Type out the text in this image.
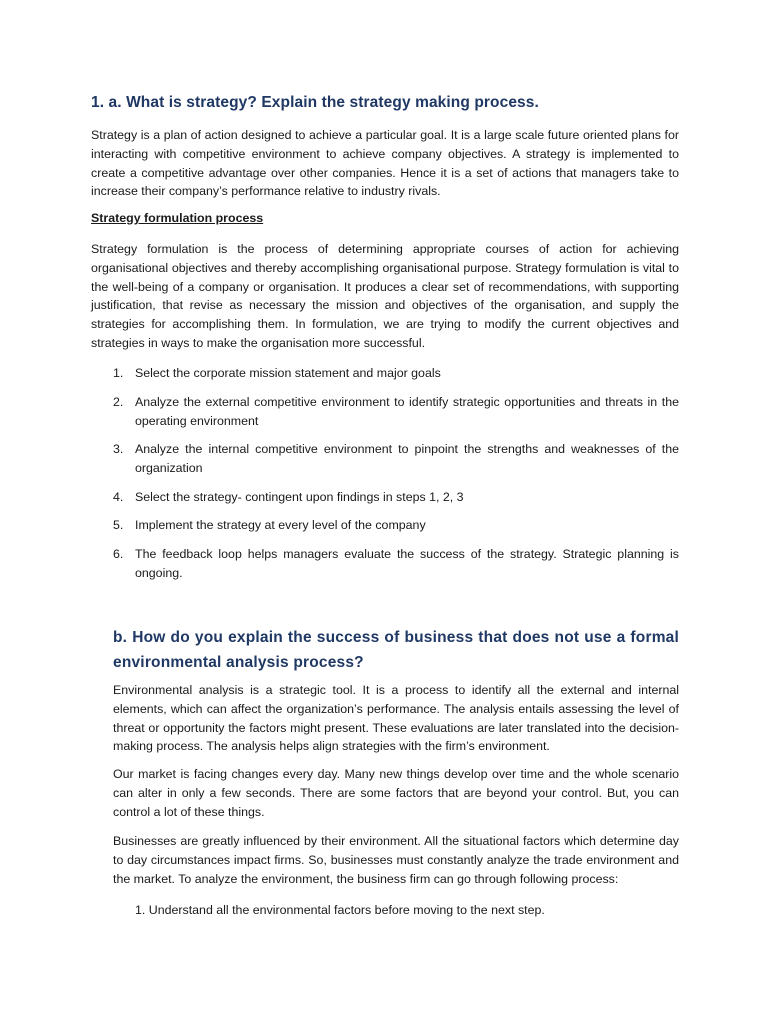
1. a. What is strategy? Explain the strategy making process.

Strategy is a plan of action designed to achieve a particular goal. It is a large scale future oriented plans for interacting with competitive environment to achieve company objectives. A strategy is implemented to create a competitive advantage over other companies. Hence it is a set of actions that managers take to increase their company’s performance relative to industry rivals.

Strategy formulation process

Strategy formulation is the process of determining appropriate courses of action for achieving organisational objectives and thereby accomplishing organisational purpose. Strategy formulation is vital to the well-being of a company or organisation. It produces a clear set of recommendations, with supporting justification, that revise as necessary the mission and objectives of the organisation, and supply the strategies for accomplishing them. In formulation, we are trying to modify the current objectives and strategies in ways to make the organisation more successful.

1. Select the corporate mission statement and major goals
2. Analyze the external competitive environment to identify strategic opportunities and threats in the operating environment
3. Analyze the internal competitive environment to pinpoint the strengths and weaknesses of the organization
4. Select the strategy- contingent upon findings in steps 1, 2, 3
5. Implement the strategy at every level of the company
6. The feedback loop helps managers evaluate the success of the strategy. Strategic planning is ongoing.
b. How do you explain the success of business that does not use a formal environmental analysis process?

Environmental analysis is a strategic tool. It is a process to identify all the external and internal elements, which can affect the organization’s performance. The analysis entails assessing the level of threat or opportunity the factors might present. These evaluations are later translated into the decision-making process. The analysis helps align strategies with the firm’s environment.

Our market is facing changes every day. Many new things develop over time and the whole scenario can alter in only a few seconds. There are some factors that are beyond your control. But, you can control a lot of these things.

Businesses are greatly influenced by their environment. All the situational factors which determine day to day circumstances impact firms. So, businesses must constantly analyze the trade environment and the market. To analyze the environment, the business firm can go through following process:

1. Understand all the environmental factors before moving to the next step.
